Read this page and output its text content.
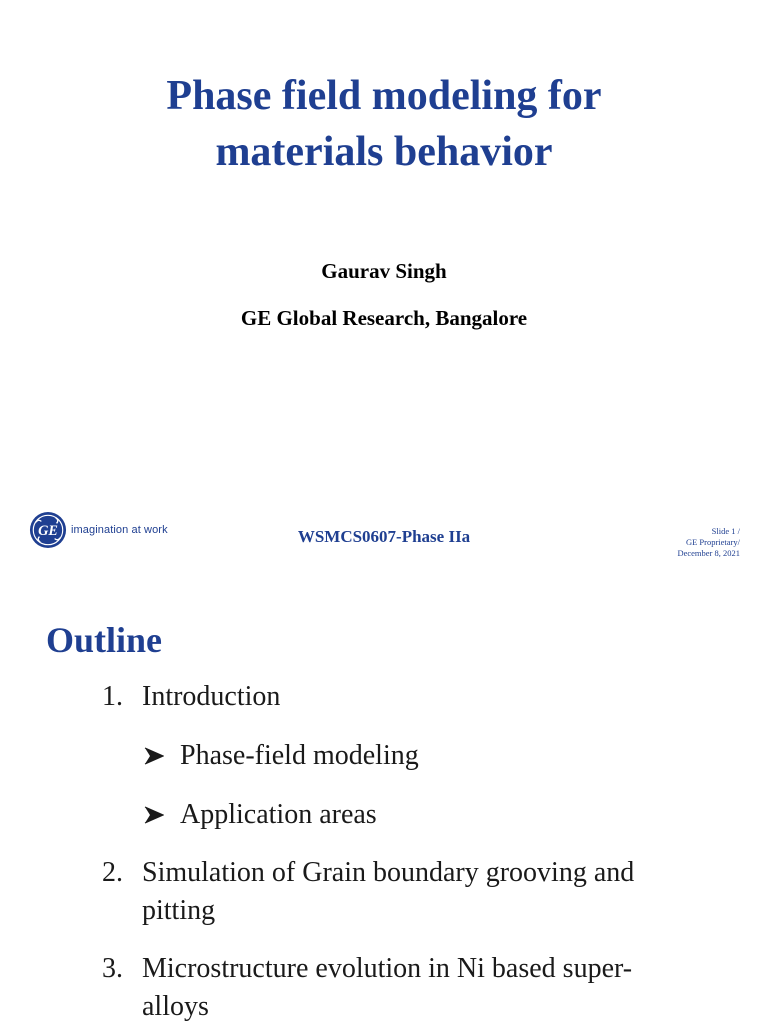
Phase field modeling for
materials behavior
Gaurav Singh
GE Global Research, Bangalore
GE imagination at work	WSMCS0607-Phase IIa	Slide 1 /
GE Proprietary/
December 8, 2021
Outline
1. Introduction
Phase-field modeling
Application areas
2. Simulation of Grain boundary grooving and pitting
3. Microstructure evolution in Ni based super-alloys
